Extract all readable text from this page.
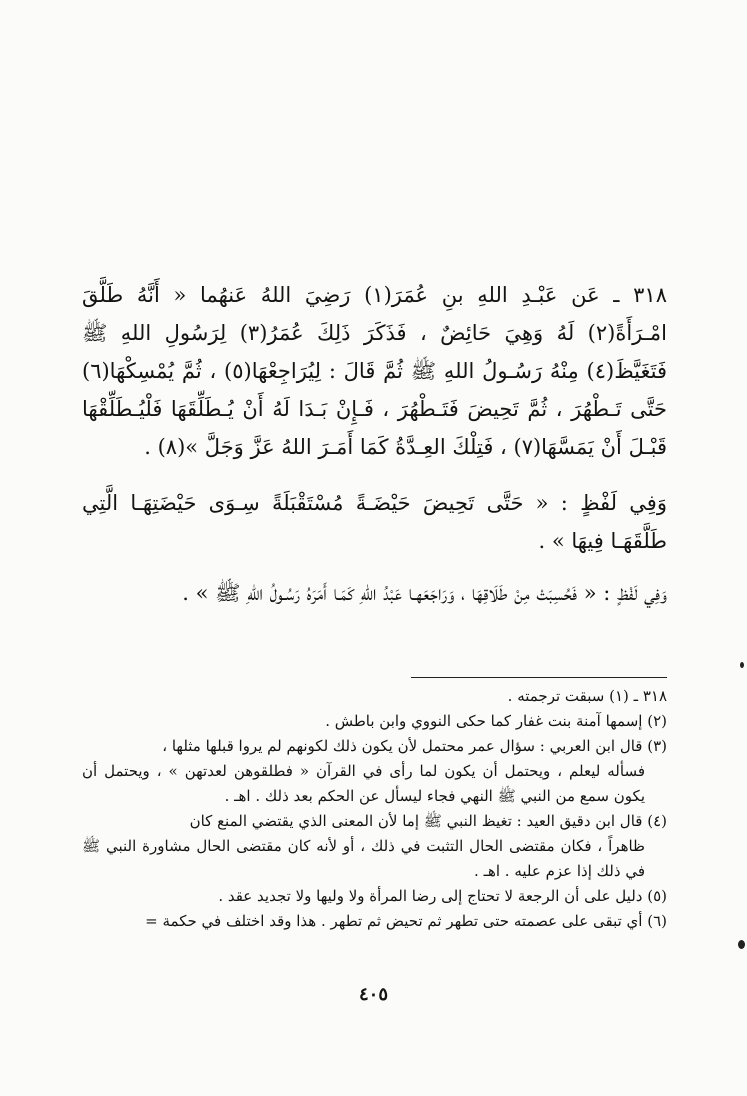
٣١٨ ـ عَن عَبْـدِ اللهِ بنِ عُمَرَ(١) رَضِيَ اللهُ عَنهُما « أَنَّهُ طَلَّقَ امْـرَأَةً(٢) لَهُ وَهِيَ حَائِضٌ ، فَذَكَرَ ذَلِكَ عُمَرُ(٣) لِرَسُولِ اللهِ ﷺ فَتَغَيَّظَ(٤) مِنْهُ رَسُـولُ اللهِ ﷺ ثُمَّ قَالَ : لِيُرَاجِعْهَا(٥) ، ثُمَّ يُمْسِكْهَا(٦) حَتَّى تَـطْهُرَ ، ثُمَّ تَحِيضَ فَتَـطْهُرَ ، فَـإِنْ بَـدَا لَهُ أَنْ يُـطَلِّقَهَا فَلْيُـطَلِّقْهَا قَبْـلَ أَنْ يَمَسَّهَا(٧) ، فَتِلْكَ العِـدَّةُ كَمَا أَمَـرَ اللهُ عَزَّ وَجَلَّ »(٨) .

وَفِي لَفْظٍ : « حَتَّى تَحِيضَ حَيْضَـةً مُسْتَقْبَلَةً سِـوَى حَيْضَتِهَـا الَّتِي طَلَّقَهَـا فِيهَا » .

وَفِي لَفْظٍ : « فَحُسِبَتْ مِنْ طَلَاقِهَا ، وَرَاجَعَهـا عَبْدُ اللهِ كَمَـا أَمَرَهُ رَسُـولُ اللهِ ﷺ » .

٣١٨ ـ (١) سبقت ترجمته .

(٢) إسمها آمنة بنت غفار كما حكى النووي وابن باطش .

(٣) قال ابن العربي : سؤال عمر محتمل لأن يكون ذلك لكونهم لم يروا قبلها مثلها ،

فسأله ليعلم ، ويحتمل أن يكون لما رأى في القرآن « فطلقوهن لعدتهن » ، ويحتمل أن يكون سمع من النبي ﷺ النهي فجاء ليسأل عن الحكم بعد ذلك . اهـ .

(٤) قال ابن دقيق العيد : تغيظ النبي ﷺ إما لأن المعنى الذي يقتضي المنع كان

ظاهراً ، فكان مقتضى الحال التثبت في ذلك ، أو لأنه كان مقتضى الحال مشاورة النبي ﷺ في ذلك إذا عزم عليه . اهـ .

(٥) دليل على أن الرجعة لا تحتاج إلى رضا المرأة ولا وليها ولا تجديد عقد .

(٦) أي تبقى على عصمته حتى تطهر ثم تحيض ثم تطهر . هذا وقد اختلف في حكمة =

٤٠٥
